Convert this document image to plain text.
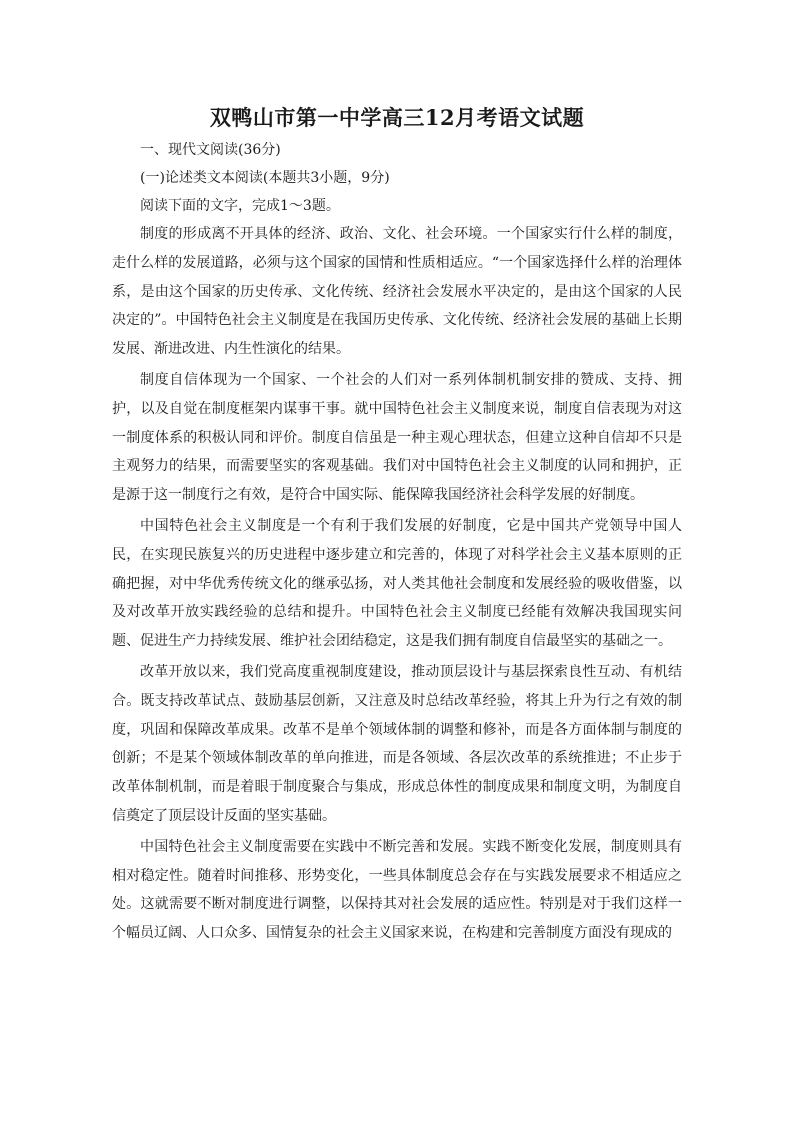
双鸭山市第一中学高三12月考语文试题
一、现代文阅读(36分)
(一)论述类文本阅读(本题共3小题，9分)
阅读下面的文字，完成1～3题。

制度的形成离不开具体的经济、政治、文化、社会环境。一个国家实行什么样的制度，走什么样的发展道路，必须与这个国家的国情和性质相适应。“一个国家选择什么样的治理体系，是由这个国家的历史传承、文化传统、经济社会发展水平决定的，是由这个国家的人民决定的”。中国特色社会主义制度是在我国历史传承、文化传统、经济社会发展的基础上长期发展、渐进改进、内生性演化的结果。

制度自信体现为一个国家、一个社会的人们对一系列体制机制安排的赞成、支持、拥护，以及自觉在制度框架内谋事干事。就中国特色社会主义制度来说，制度自信表现为对这一制度体系的积极认同和评价。制度自信虽是一种主观心理状态，但建立这种自信却不只是主观努力的结果，而需要坚实的客观基础。我们对中国特色社会主义制度的认同和拥护，正是源于这一制度行之有效，是符合中国实际、能保障我国经济社会科学发展的好制度。

中国特色社会主义制度是一个有利于我们发展的好制度，它是中国共产党领导中国人民，在实现民族复兴的历史进程中逐步建立和完善的，体现了对科学社会主义基本原则的正确把握，对中华优秀传统文化的继承弘扬，对人类其他社会制度和发展经验的吸收借鉴，以及对改革开放实践经验的总结和提升。中国特色社会主义制度已经能有效解决我国现实问题、促进生产力持续发展、维护社会团结稳定，这是我们拥有制度自信最坚实的基础之一。

改革开放以来，我们党高度重视制度建设，推动顶层设计与基层探索良性互动、有机结合。既支持改革试点、鼓励基层创新，又注意及时总结改革经验，将其上升为行之有效的制度，巩固和保障改革成果。改革不是单个领域体制的调整和修补，而是各方面体制与制度的创新；不是某个领域体制改革的单向推进，而是各领域、各层次改革的系统推进；不止步于改革体制机制，而是着眼于制度聚合与集成，形成总体性的制度成果和制度文明，为制度自信奠定了顶层设计反面的坚实基础。

中国特色社会主义制度需要在实践中不断完善和发展。实践不断变化发展，制度则具有相对稳定性。随着时间推移、形势变化，一些具体制度总会存在与实践发展要求不相适应之处。这就需要不断对制度进行调整，以保持其对社会发展的适应性。特别是对于我们这样一个幅员辽阔、人口众多、国情复杂的社会主义国家来说，在构建和完善制度方面没有现成的
